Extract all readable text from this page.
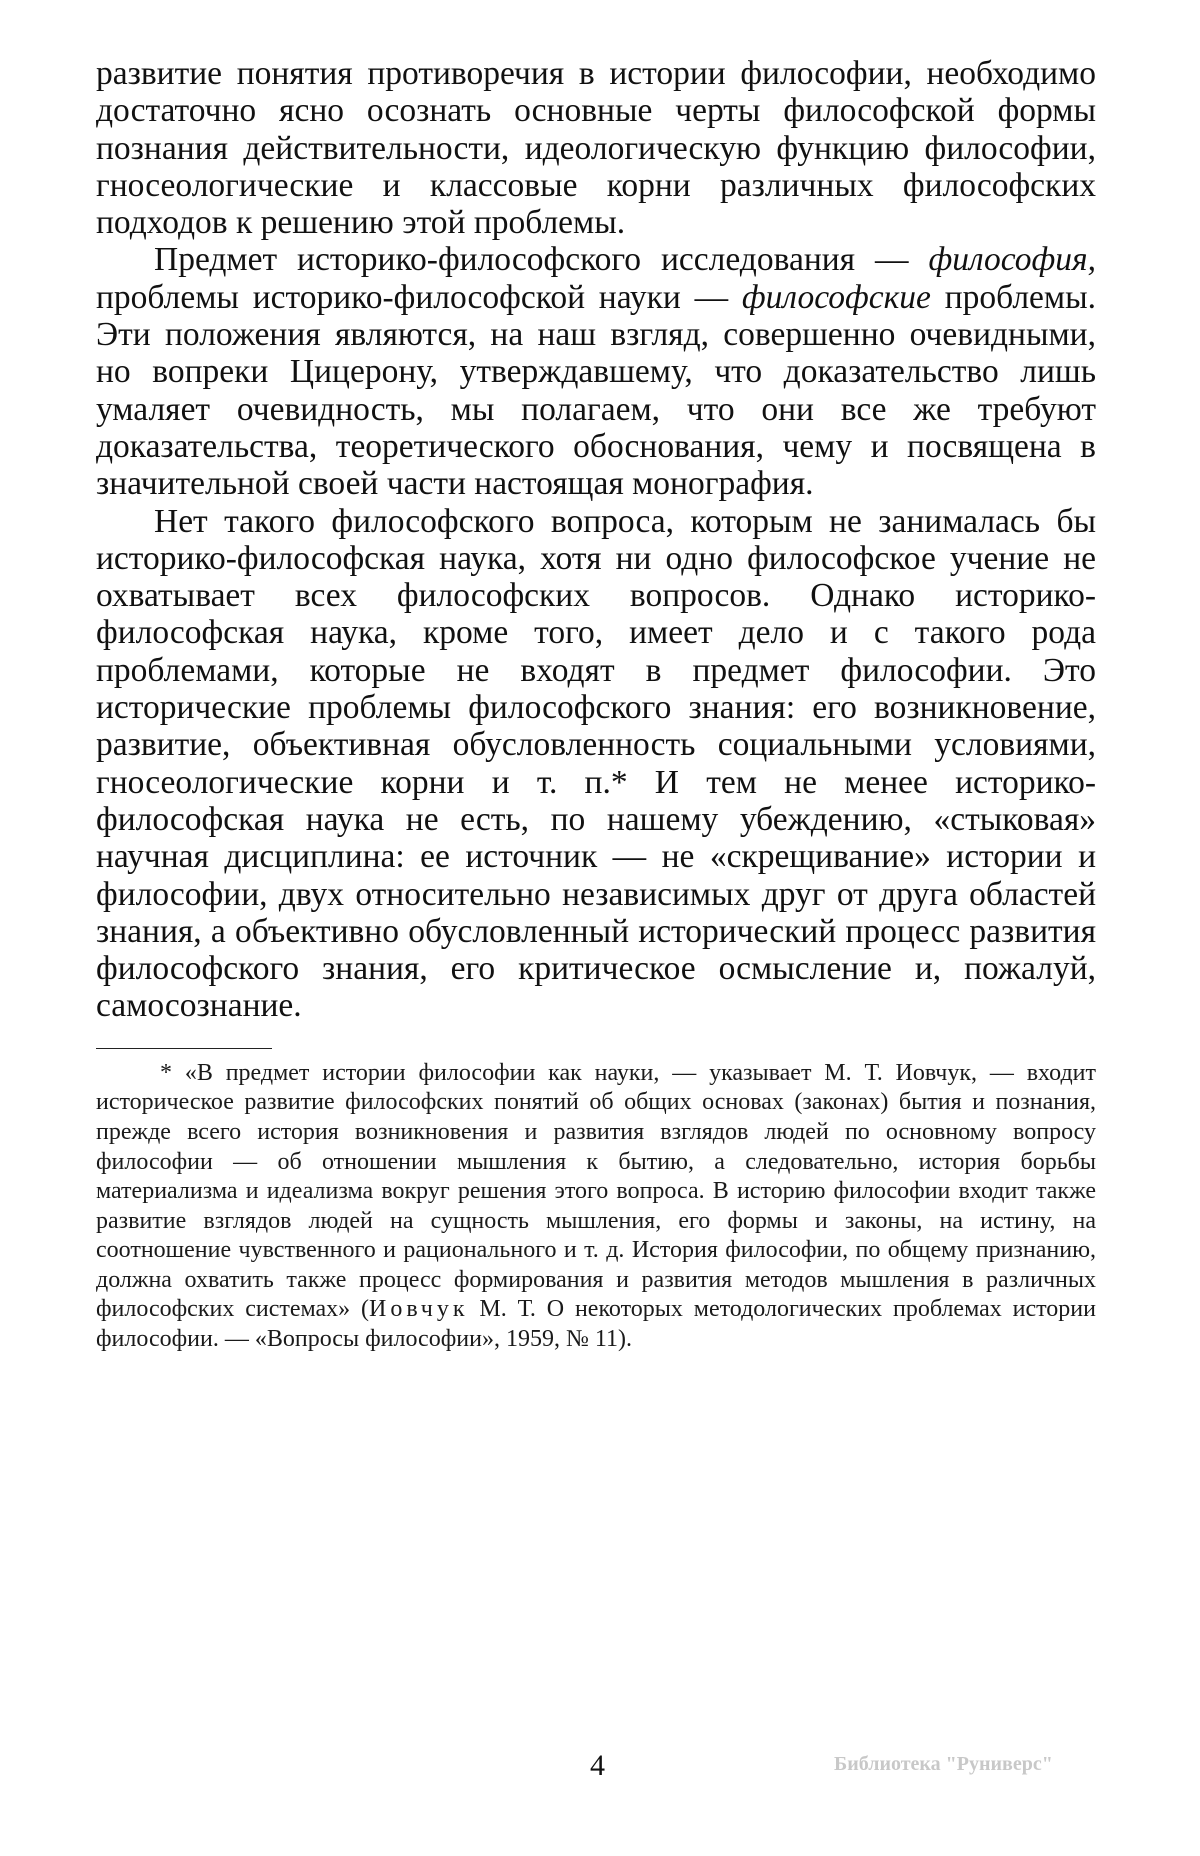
развитие понятия противоречия в истории философии, необходимо достаточно ясно осознать основные черты философской формы познания действительности, идеологическую функцию философии, гносеологические и классовые корни различных философских подходов к решению этой проблемы.

Предмет историко-философского исследования — философия, проблемы историко-философской науки — философские проблемы. Эти положения являются, на наш взгляд, совершенно очевидными, но вопреки Цицерону, утверждавшему, что доказательство лишь умаляет очевидность, мы полагаем, что они все же требуют доказательства, теоретического обоснования, чему и посвящена в значительной своей части настоящая монография.

Нет такого философского вопроса, которым не занималась бы историко-философская наука, хотя ни одно философское учение не охватывает всех философских вопросов. Однако историко-философская наука, кроме того, имеет дело и с такого рода проблемами, которые не входят в предмет философии. Это исторические проблемы философского знания: его возникновение, развитие, объективная обусловленность социальными условиями, гносеологические корни и т. п.* И тем не менее историко-философская наука не есть, по нашему убеждению, «стыковая» научная дисциплина: ее источник — не «скрещивание» истории и философии, двух относительно независимых друг от друга областей знания, а объективно обусловленный исторический процесс развития философского знания, его критическое осмысление и, пожалуй, самосознание.

* «В предмет истории философии как науки, — указывает М. Т. Иовчук, — входит историческое развитие философских понятий об общих основах (законах) бытия и познания, прежде всего история возникновения и развития взглядов людей по основному вопросу философии — об отношении мышления к бытию, а следовательно, история борьбы материализма и идеализма вокруг решения этого вопроса. В историю философии входит также развитие взглядов людей на сущность мышления, его формы и законы, на истину, на соотношение чувственного и рационального и т. д. История философии, по общему признанию, должна охватить также процесс формирования и развития методов мышления в различных философских системах» (Иовчук М. Т. О некоторых методологических проблемах истории философии. — «Вопросы философии», 1959, № 11).

4	Библиотека "Руниверс"
